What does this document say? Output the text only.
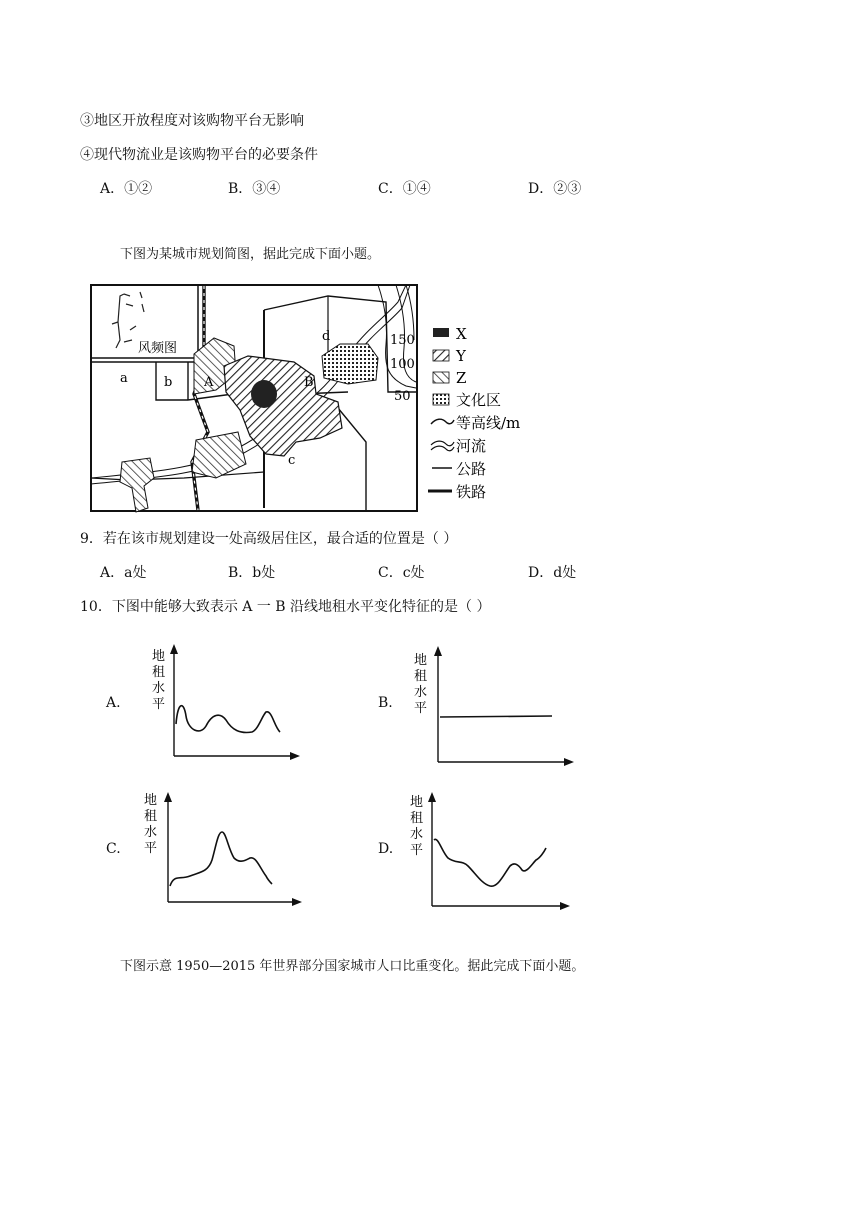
③地区开放程度对该购物平台无影响
④现代物流业是该购物平台的必要条件
A．①②	B．③④	C．①④	D．②③
下图为某城市规划简图，据此完成下面小题。
风频图
150
100
50
a	b
c
d
A	B
X
Y
Z
文化区
等高线/m
河流
公路
铁路
9．若在该市规划建设一处高级居住区，最合适的位置是（ ）
A．a处	B．b处	C．c处	D．d处
10．下图中能够大致表示 A 一 B 沿线地租水平变化特征的是（ ）
A.
地
租
水
平	B.
地
租
水
平
C.
地
租
水
平	D.
地
租
水
平
下图示意 1950—2015 年世界部分国家城市人口比重变化。据此完成下面小题。
